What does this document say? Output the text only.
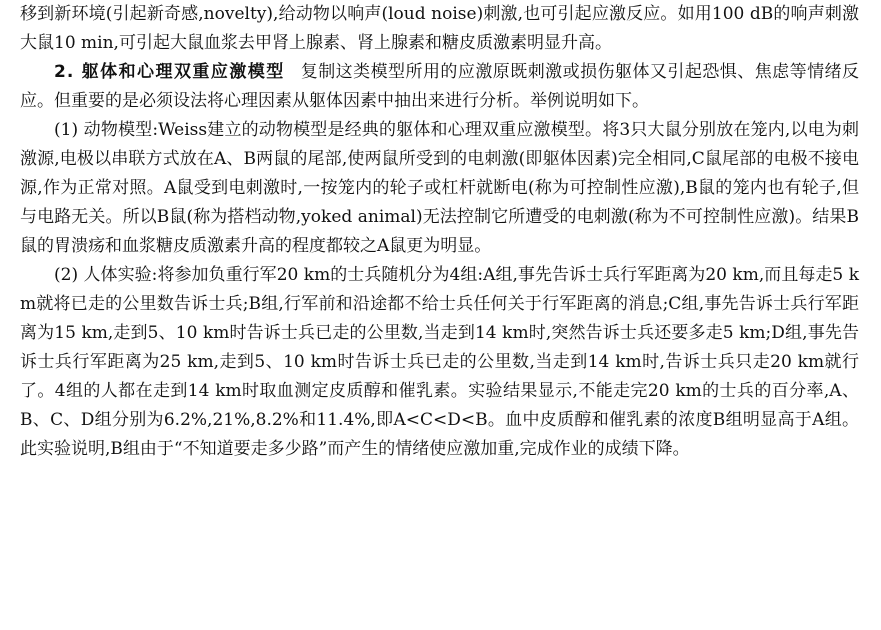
移到新环境(引起新奇感,novelty),给动物以响声(loud noise)刺激,也可引起应激反应。如用100 dB的响声刺激大鼠10 min,可引起大鼠血浆去甲肾上腺素、肾上腺素和糖皮质激素明显升高。

2. 躯体和心理双重应激模型 复制这类模型所用的应激原既刺激或损伤躯体又引起恐惧、焦虑等情绪反应。但重要的是必须设法将心理因素从躯体因素中抽出来进行分析。举例说明如下。

(1) 动物模型:Weiss建立的动物模型是经典的躯体和心理双重应激模型。将3只大鼠分别放在笼内,以电为刺激源,电极以串联方式放在A、B两鼠的尾部,使两鼠所受到的电刺激(即躯体因素)完全相同,C鼠尾部的电极不接电源,作为正常对照。A鼠受到电刺激时,一按笼内的轮子或杠杆就断电(称为可控制性应激),B鼠的笼内也有轮子,但与电路无关。所以B鼠(称为搭档动物,yoked animal)无法控制它所遭受的电刺激(称为不可控制性应激)。结果B鼠的胃溃疡和血浆糖皮质激素升高的程度都较之A鼠更为明显。

(2) 人体实验:将参加负重行军20 km的士兵随机分为4组:A组,事先告诉士兵行军距离为20 km,而且每走5 km就将已走的公里数告诉士兵;B组,行军前和沿途都不给士兵任何关于行军距离的消息;C组,事先告诉士兵行军距离为15 km,走到5、10 km时告诉士兵已走的公里数,当走到14 km时,突然告诉士兵还要多走5 km;D组,事先告诉士兵行军距离为25 km,走到5、10 km时告诉士兵已走的公里数,当走到14 km时,告诉士兵只走20 km就行了。4组的人都在走到14 km时取血测定皮质醇和催乳素。实验结果显示,不能走完20 km的士兵的百分率,A、B、C、D组分别为6.2%,21%,8.2%和11.4%,即A<C<D<B。血中皮质醇和催乳素的浓度B组明显高于A组。此实验说明,B组由于“不知道要走多少路”而产生的情绪使应激加重,完成作业的成绩下降。
